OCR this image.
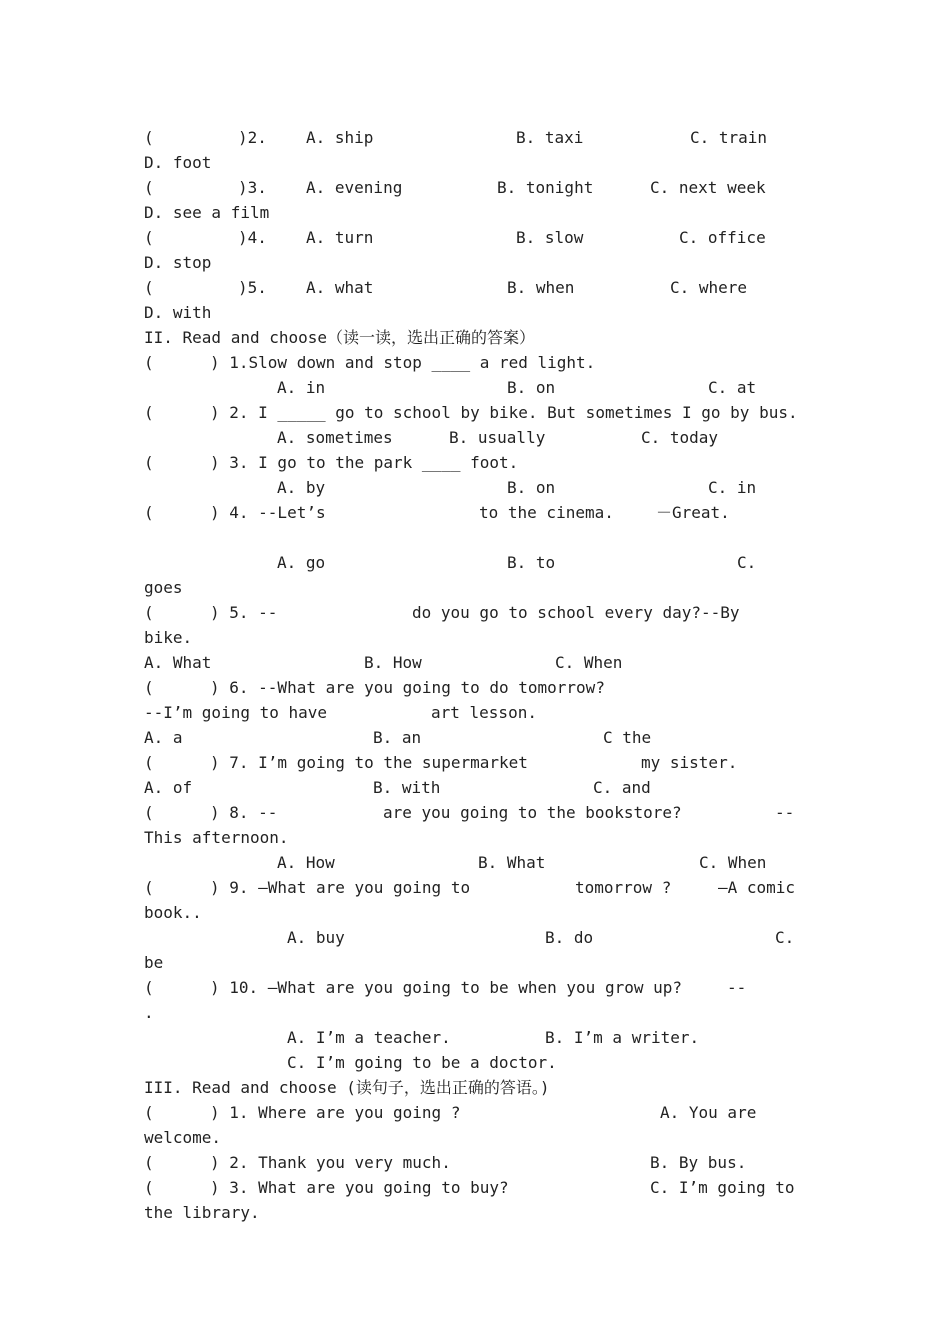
(

	)2.

A. ship

	B. taxi

	C. train

D. foot

(

	)3.

A. evening

	B. tonight

	C. next week

D. see a film

(

	)4.

A. turn

	B. slow

	C. office

D. stop

(

	)5.

A. what

	B. when

	C. where

D. with

II. Read and choose（读一读，选出正确的答案）

(

	) 1.Slow down and stop ____ a red light.

A. in

	B. on

	C. at

(

	) 2. I _____ go to school by bike. But sometimes I go by bus.

A. sometimes

	B. usually

	C. today

(

	) 3. I go to the park ____ foot.

A. by

	B. on

	C. in

(

	) 4. --Let’s

	to the cinema.

	－Great.

A. go

	B. to

	C.

goes

(

	) 5. --

	do you go to school every day?--By

bike.

A. What

	B. How

	C. When

(

	) 6. --What are you going to do tomorrow?

--I’m going to have

	art lesson.

A. a

	B. an

	C the

(

	) 7. I’m going to the supermarket

	my sister.

A. of

	B. with

	C. and

(

	) 8. --

	are you going to the bookstore?

	--

This afternoon.

A. How

	B. What

	C. When

(

	) 9. —What are you going to

	tomorrow ?

	—A comic

book..

A. buy

	B. do

	C.

be

(

	) 10. —What are you going to be when you grow up?

	--

.

A. I’m a teacher.

	B. I’m a writer.

C. I’m going to be a doctor.

III. Read and choose (读句子，选出正确的答语。)

(

	) 1. Where are you going ?

	A. You are

welcome.

(

	) 2. Thank you very much.

	B. By bus.

(

	) 3. What are you going to buy?

	C. I’m going to

the library.
